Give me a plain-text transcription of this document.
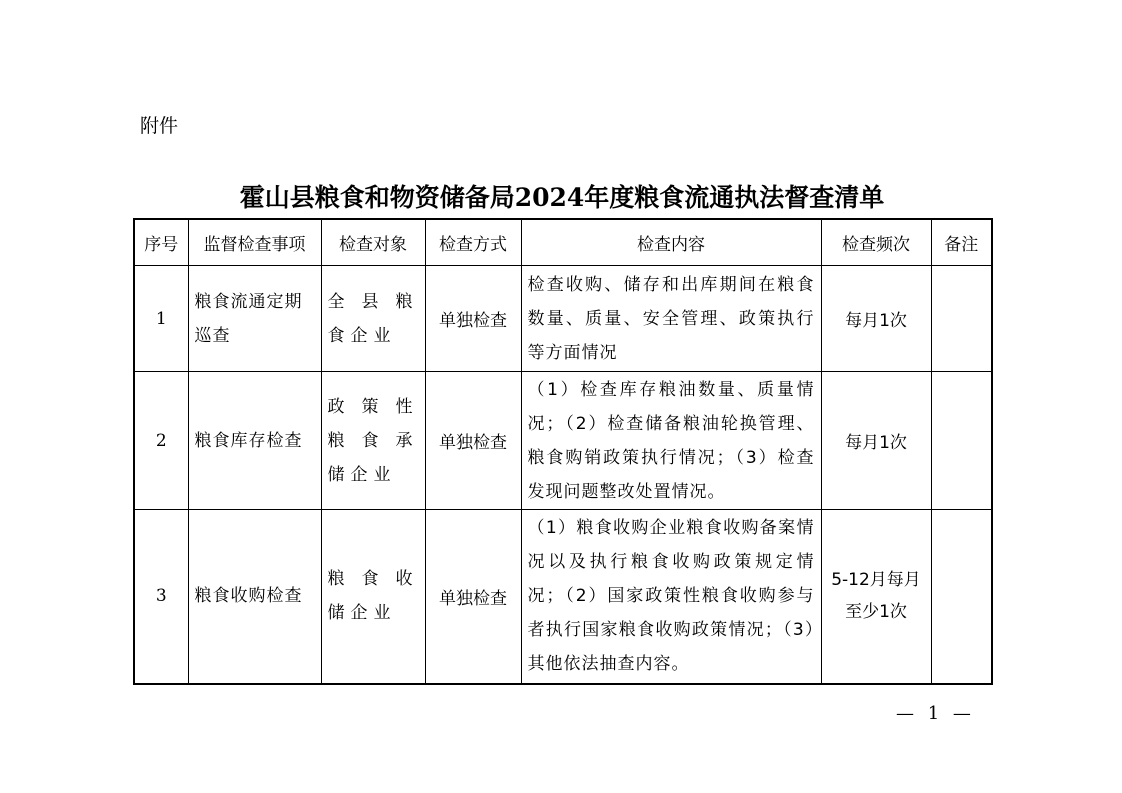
附件
霍山县粮食和物资储备局2024年度粮食流通执法督查清单
序号	监督检查事项	检查对象	检查方式	检查内容	检查频次	备注
1	粮食流通定期巡查	全县粮食企业	单独检查	检查收购、储存和出库期间在粮食数量、质量、安全管理、政策执行等方面情况	每月1次	
2	粮食库存检查	政策性粮食承储企业	单独检查	（1）检查库存粮油数量、质量情况；（2）检查储备粮油轮换管理、粮食购销政策执行情况；（3）检查发现问题整改处置情况。	每月1次	
3	粮食收购检查	粮食收储企业	单独检查	（1）粮食收购企业粮食收购备案情况以及执行粮食收购政策规定情况；（2）国家政策性粮食收购参与者执行国家粮食收购政策情况；（3）其他依法抽查内容。	5-12月每月至少1次	
— 1 —
